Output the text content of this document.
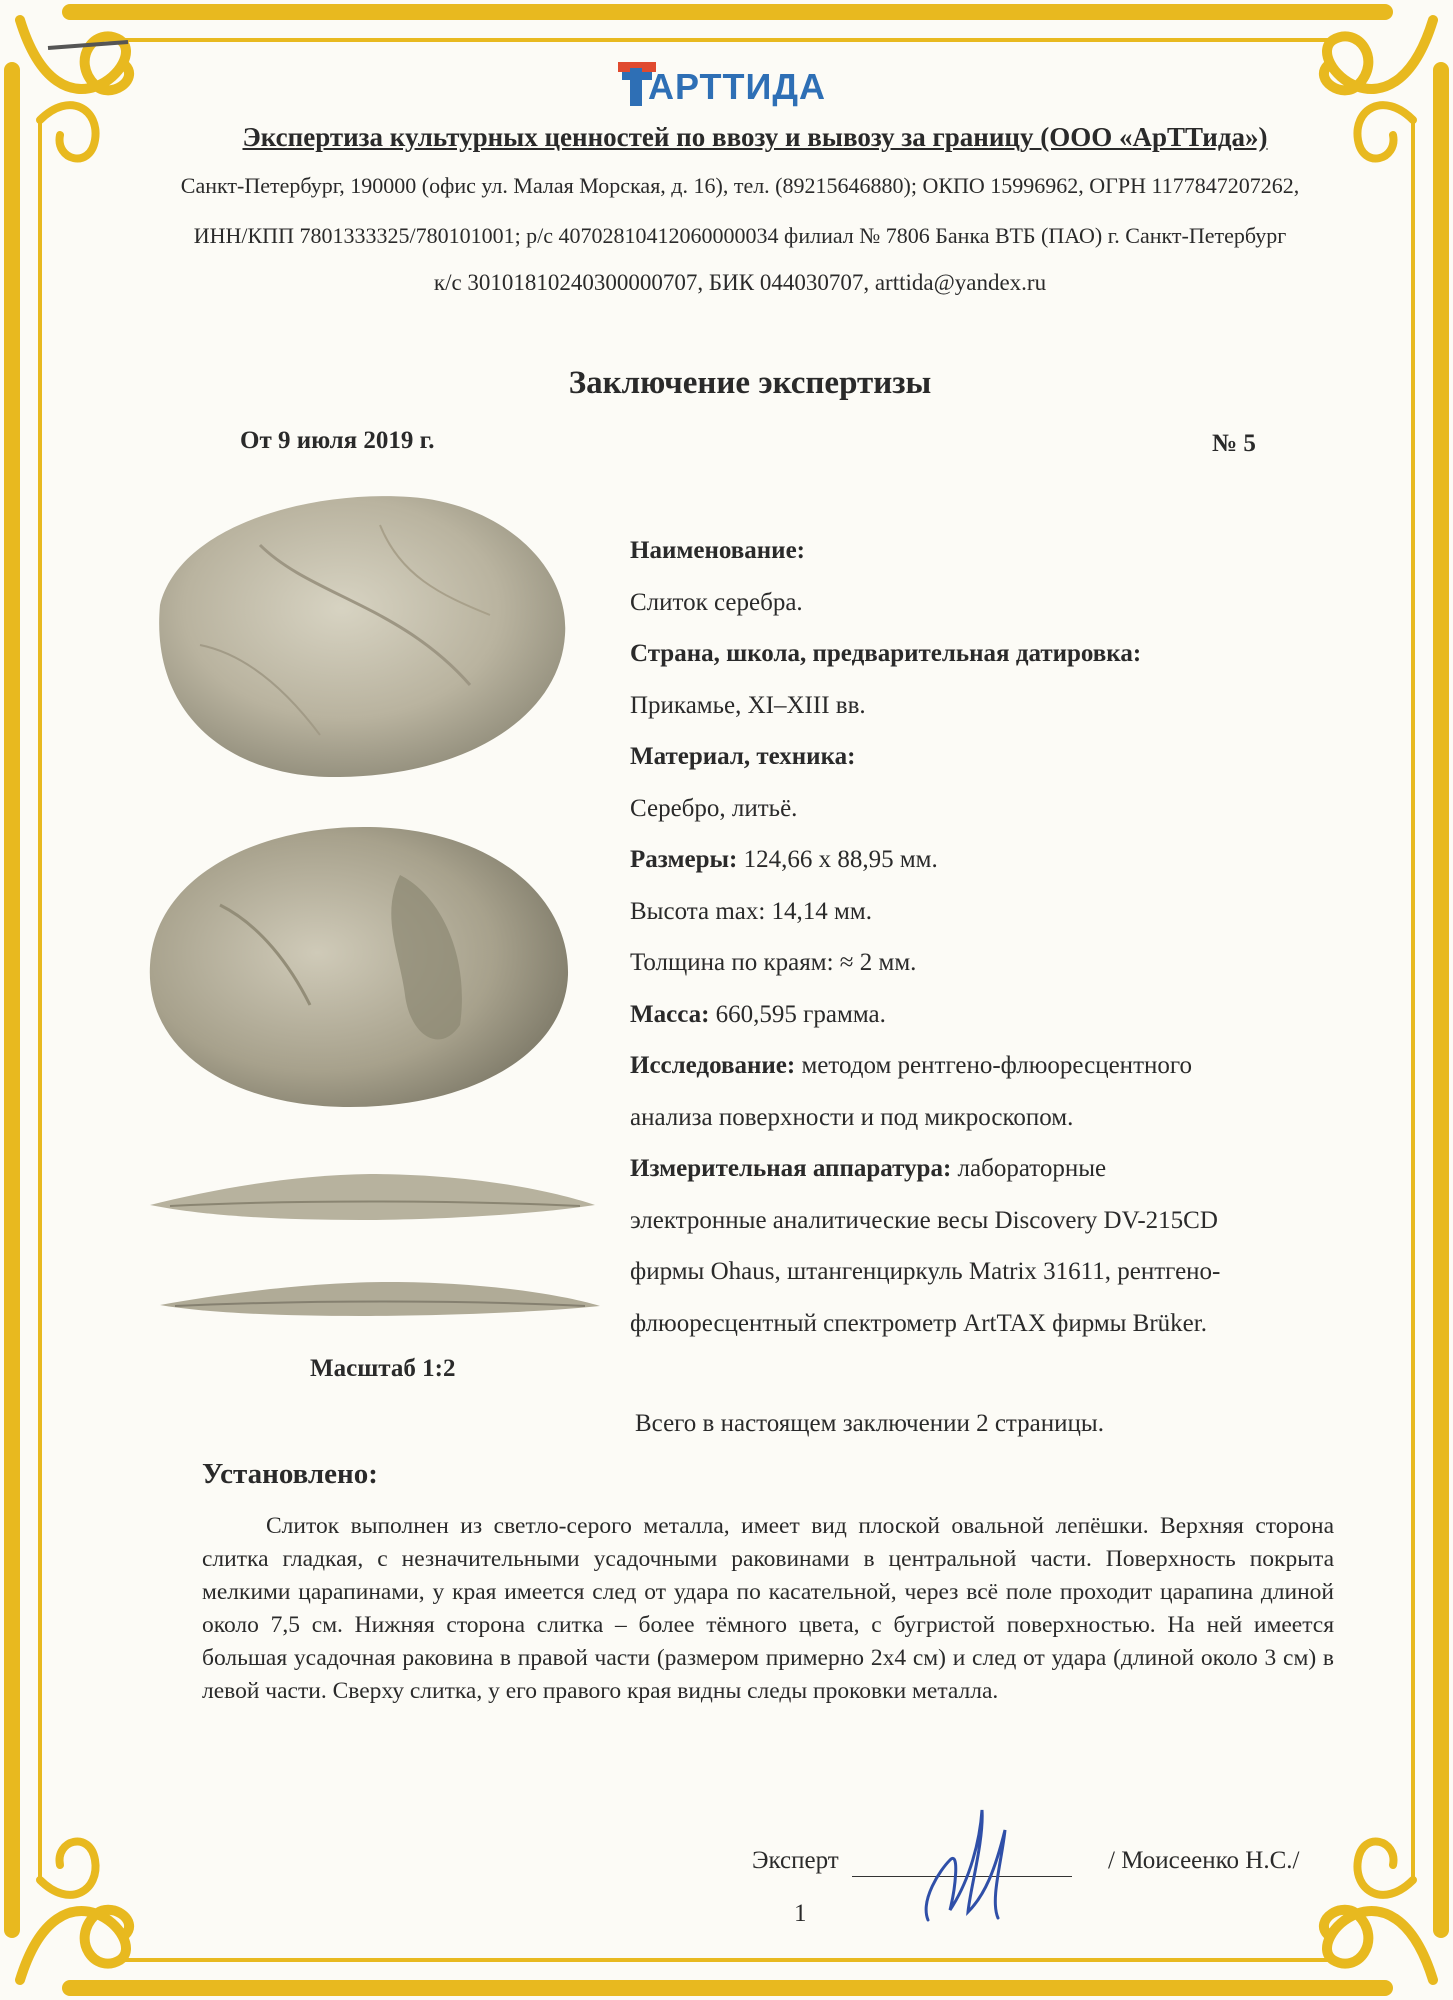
АРТТИДА
Экспертиза культурных ценностей по ввозу и вывозу за границу (ООО «АрТТида»)
Санкт-Петербург, 190000 (офис ул. Малая Морская, д. 16), тел. (89215646880); ОКПО 15996962, ОГРН 1177847207262,
ИНН/КПП 7801333325/780101001; р/с 40702810412060000034 филиал № 7806 Банка ВТБ (ПАО) г. Санкт-Петербург
к/с 30101810240300000707, БИК 044030707, arttida@yandex.ru
Заключение экспертизы
От 9 июля 2019 г.	№ 5
Масштаб 1:2
Наименование:
Слиток серебра.
Страна, школа, предварительная датировка:
Прикамье, XI–XIII вв.
Материал, техника:
Серебро, литьё.
Размеры: 124,66 х 88,95 мм.
Высота max: 14,14 мм.
Толщина по краям: ≈ 2 мм.
Масса: 660,595 грамма.
Исследование: методом рентгено-флюоресцентного
анализа поверхности и под микроскопом.
Измерительная аппаратура: лабораторные
электронные аналитические весы Discovery DV-215CD
фирмы Ohaus, штангенциркуль Matrix 31611, рентгено-
флюоресцентный спектрометр ArtTAX фирмы Brüker.
Всего в настоящем заключении 2 страницы.
Установлено:

Слиток выполнен из светло-серого металла, имеет вид плоской овальной лепёшки. Верхняя сторона слитка гладкая, с незначительными усадочными раковинами в центральной части. Поверхность покрыта мелкими царапинами, у края имеется след от удара по касательной, через всё поле проходит царапина длиной около 7,5 см. Нижняя сторона слитка – более тёмного цвета, с бугристой поверхностью. На ней имеется большая усадочная раковина в правой части (размером примерно 2х4 см) и след от удара (длиной около 3 см) в левой части. Сверху слитка, у его правого края видны следы проковки металла.

Эксперт	/ Моисеенко Н.С./
1
